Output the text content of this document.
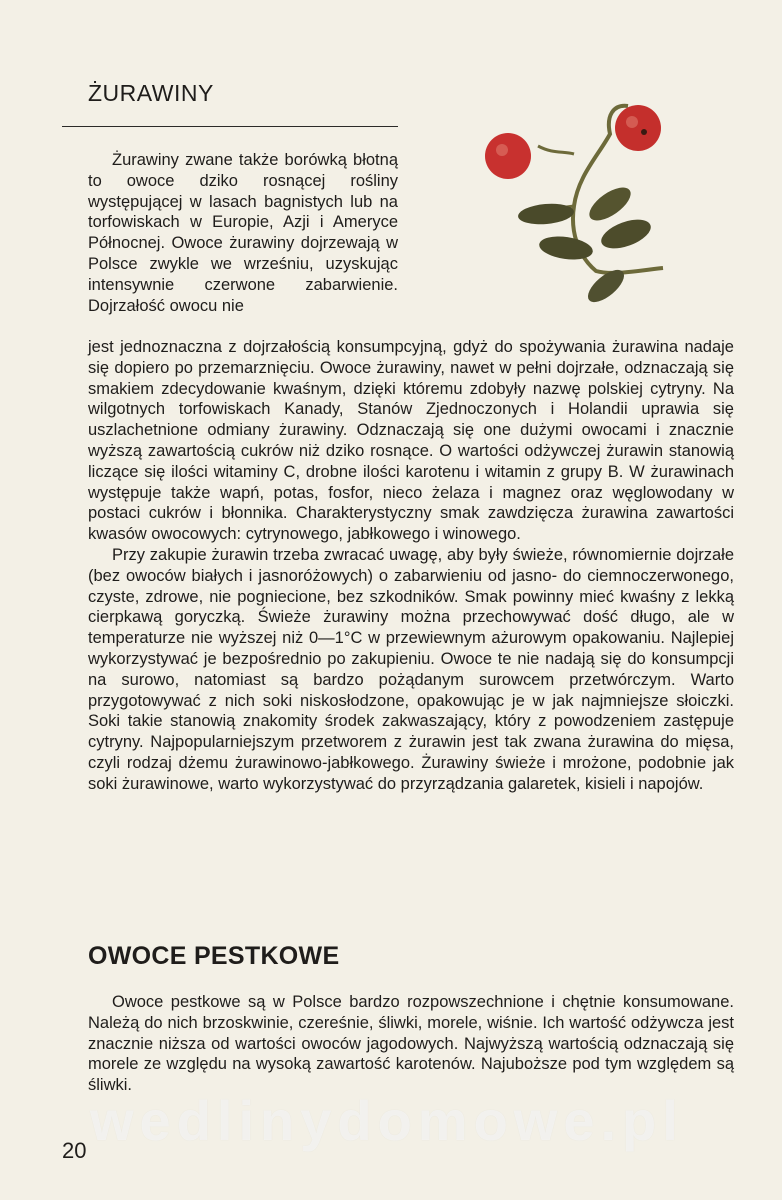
ŻURAWINY

Żurawiny zwane także borówką błotną to owoce dziko rosnącej rośliny występującej w lasach bagnistych lub na torfowiskach w Europie, Azji i Ameryce Północnej. Owoce żurawiny dojrzewają w Polsce zwykle we wrześniu, uzyskując intensywnie czerwone zabarwienie. Dojrzałość owocu nie

jest jednoznaczna z dojrzałością konsumpcyjną, gdyż do spożywania żurawina nadaje się dopiero po przemarznięciu. Owoce żurawiny, nawet w pełni dojrzałe, odznaczają się smakiem zdecydowanie kwaśnym, dzięki któremu zdobyły nazwę polskiej cytryny. Na wilgotnych torfowiskach Kanady, Stanów Zjednoczonych i Holandii uprawia się uszlachetnione odmiany żurawiny. Odznaczają się one dużymi owocami i znacznie wyższą zawartością cukrów niż dziko rosnące. O wartości odżywczej żurawin stanowią liczące się ilości witaminy C, drobne ilości karotenu i witamin z grupy B. W żurawinach występuje także wapń, potas, fosfor, nieco żelaza i magnez oraz węglowodany w postaci cukrów i błonnika. Charakterystyczny smak zawdzięcza żurawina zawartości kwasów owocowych: cytrynowego, jabłkowego i winowego.

Przy zakupie żurawin trzeba zwracać uwagę, aby były świeże, równomiernie dojrzałe (bez owoców białych i jasnoróżowych) o zabarwieniu od jasno- do ciemnoczerwonego, czyste, zdrowe, nie pogniecione, bez szkodników. Smak powinny mieć kwaśny z lekką cierpkawą goryczką. Świeże żurawiny można przechowywać dość długo, ale w temperaturze nie wyższej niż 0—1°C w przewiewnym ażurowym opakowaniu. Najlepiej wykorzystywać je bezpośrednio po zakupieniu. Owoce te nie nadają się do konsumpcji na surowo, natomiast są bardzo pożądanym surowcem przetwórczym. Warto przygotowywać z nich soki niskosłodzone, opakowując je w jak najmniejsze słoiczki. Soki takie stanowią znakomity środek zakwaszający, który z powodzeniem zastępuje cytryny. Najpopularniejszym przetworem z żurawin jest tak zwana żurawina do mięsa, czyli rodzaj dżemu żurawinowo-jabłkowego. Żurawiny świeże i mrożone, podobnie jak soki żurawinowe, warto wykorzystywać do przyrządzania galaretek, kisieli i napojów.

OWOCE PESTKOWE

Owoce pestkowe są w Polsce bardzo rozpowszechnione i chętnie konsumowane. Należą do nich brzoskwinie, czereśnie, śliwki, morele, wiśnie. Ich wartość odżywcza jest znacznie niższa od wartości owoców jagodowych. Najwyższą wartością odznaczają się morele ze względu na wysoką zawartość karotenów. Najuboższe pod tym względem są śliwki.

wedlinydomowe.pl
20
